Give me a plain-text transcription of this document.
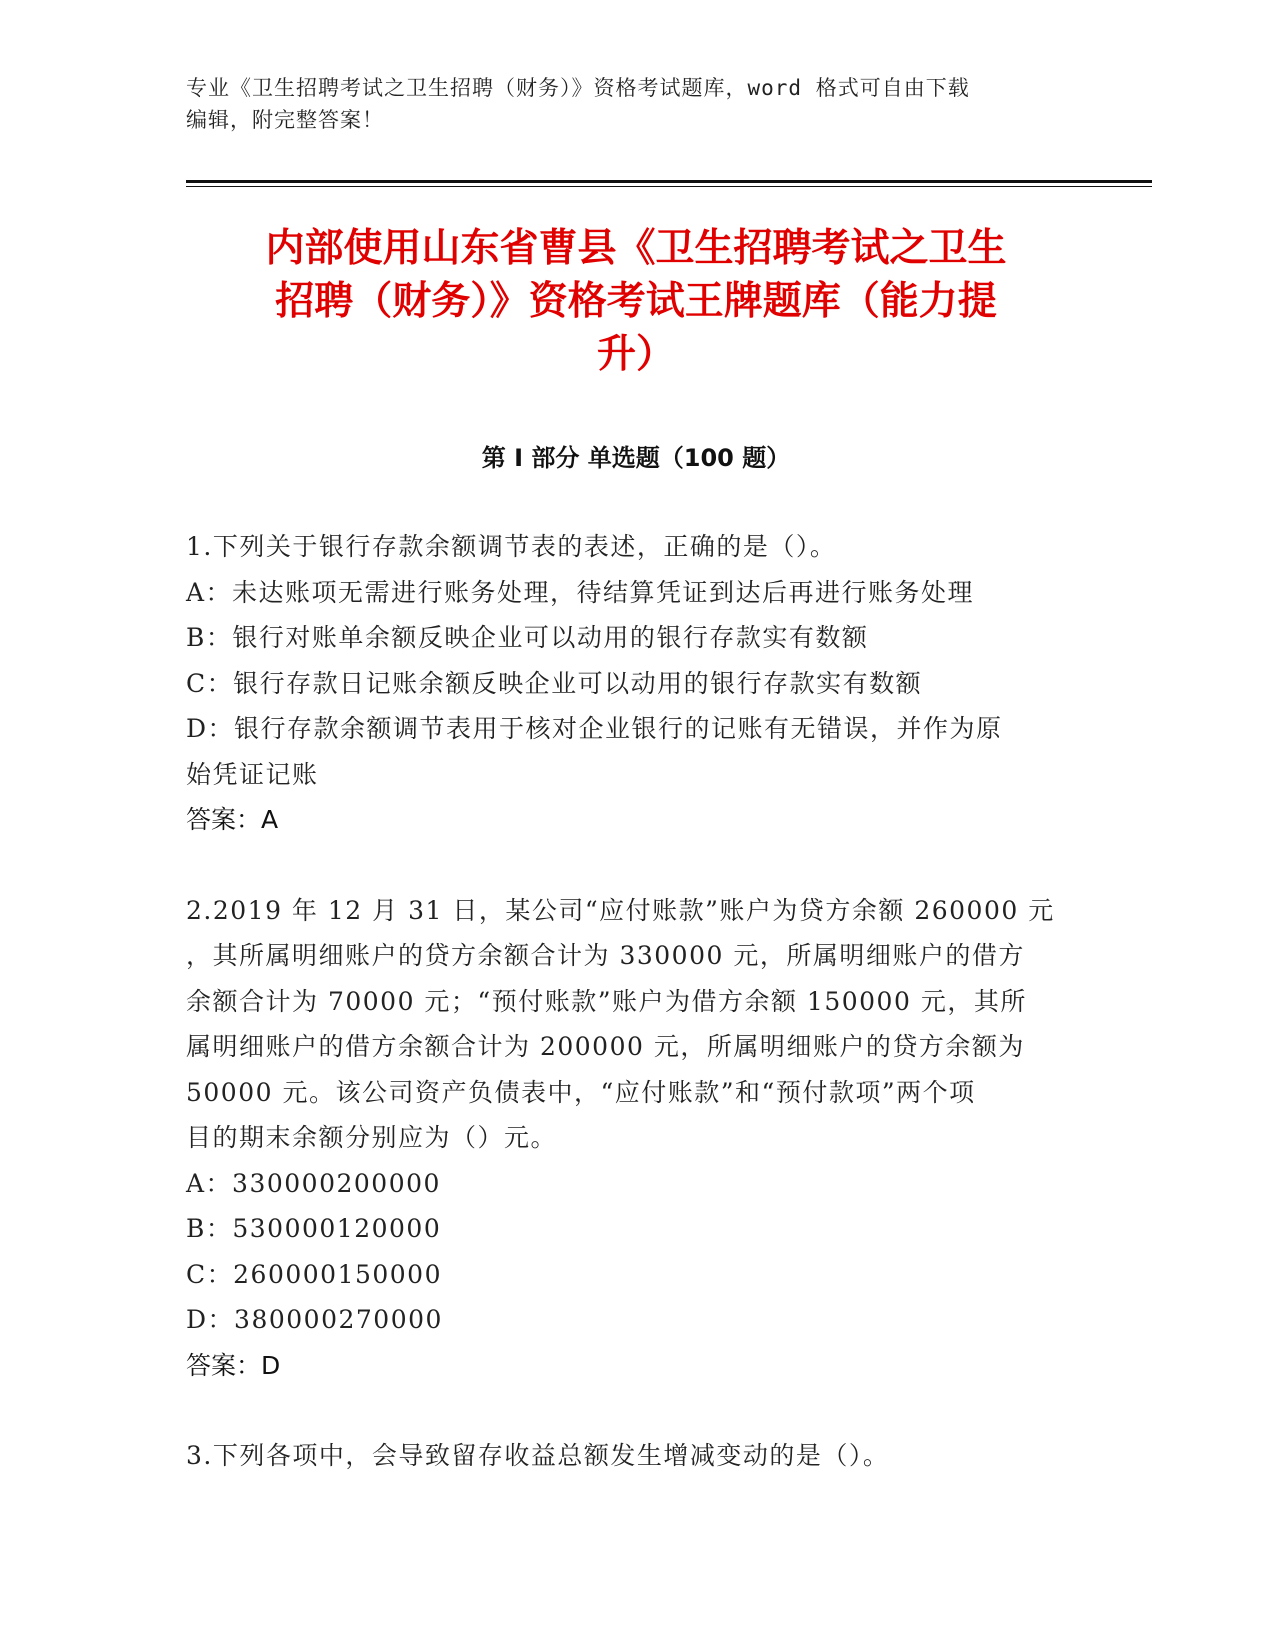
专业《卫生招聘考试之卫生招聘（财务）》资格考试题库，word 格式可自由下载
编辑，附完整答案！
内部使用山东省曹县《卫生招聘考试之卫生
招聘（财务）》资格考试王牌题库（能力提
升）
第 I 部分 单选题（100 题）
1.下列关于银行存款余额调节表的表述，正确的是（）。
A：未达账项无需进行账务处理，待结算凭证到达后再进行账务处理
B：银行对账单余额反映企业可以动用的银行存款实有数额
C：银行存款日记账余额反映企业可以动用的银行存款实有数额
D：银行存款余额调节表用于核对企业银行的记账有无错误，并作为原
始凭证记账
答案：A
2.2019 年 12 月 31 日，某公司“应付账款”账户为贷方余额 260000 元
，其所属明细账户的贷方余额合计为 330000 元，所属明细账户的借方
余额合计为 70000 元；“预付账款”账户为借方余额 150000 元，其所
属明细账户的借方余额合计为 200000 元，所属明细账户的贷方余额为
50000 元。该公司资产负债表中，“应付账款”和“预付款项”两个项
目的期末余额分别应为（）元。
A：330000200000
B：530000120000
C：260000150000
D：380000270000
答案：D
3.下列各项中，会导致留存收益总额发生增减变动的是（）。
